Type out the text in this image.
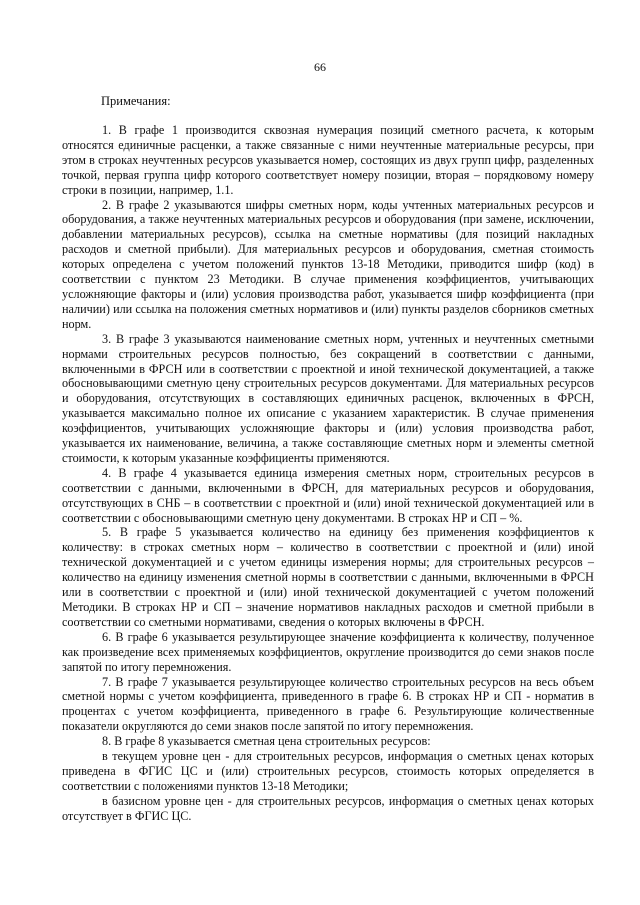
66
Примечания:

1. В графе 1 производится сквозная нумерация позиций сметного расчета, к которым относятся единичные расценки, а также связанные с ними неучтенные материальные ресурсы, при этом в строках неучтенных ресурсов указывается номер, состоящих из двух групп цифр, разделенных точкой, первая группа цифр которого соответствует номеру позиции, вторая – порядковому номеру строки в позиции, например, 1.1.

2. В графе 2 указываются шифры сметных норм, коды учтенных материальных ресурсов и оборудования, а также неучтенных материальных ресурсов и оборудования (при замене, исключении, добавлении материальных ресурсов), ссылка на сметные нормативы (для позиций накладных расходов и сметной прибыли). Для материальных ресурсов и оборудования, сметная стоимость которых определена с учетом положений пунктов 13-18 Методики, приводится шифр (код) в соответствии с пунктом 23 Методики. В случае применения коэффициентов, учитывающих усложняющие факторы и (или) условия производства работ, указывается шифр коэффициента (при наличии) или ссылка на положения сметных нормативов и (или) пункты разделов сборников сметных норм.

3. В графе 3 указываются наименование сметных норм, учтенных и неучтенных сметными нормами строительных ресурсов полностью, без сокращений в соответствии с данными, включенными в ФРСН или в соответствии с проектной и иной технической документацией, а также обосновывающими сметную цену строительных ресурсов документами. Для материальных ресурсов и оборудования, отсутствующих в составляющих единичных расценок, включенных в ФРСН, указывается максимально полное их описание с указанием характеристик. В случае применения коэффициентов, учитывающих усложняющие факторы и (или) условия производства работ, указывается их наименование, величина, а также составляющие сметных норм и элементы сметной стоимости, к которым указанные коэффициенты применяются.

4. В графе 4 указывается единица измерения сметных норм, строительных ресурсов в соответствии с данными, включенными в ФРСН, для материальных ресурсов и оборудования, отсутствующих в СНБ – в соответствии с проектной и (или) иной технической документацией или в соответствии с обосновывающими сметную цену документами. В строках НР и СП – %.

5. В графе 5 указывается количество на единицу без применения коэффициентов к количеству: в строках сметных норм – количество в соответствии с проектной и (или) иной технической документацией и с учетом единицы измерения нормы; для строительных ресурсов – количество на единицу изменения сметной нормы в соответствии с данными, включенными в ФРСН или в соответствии с проектной и (или) иной технической документацией с учетом положений Методики. В строках НР и СП – значение нормативов накладных расходов и сметной прибыли в соответствии со сметными нормативами, сведения о которых включены в ФРСН.

6. В графе 6 указывается результирующее значение коэффициента к количеству, полученное как произведение всех применяемых коэффициентов, округление производится до семи знаков после запятой по итогу перемножения.

7. В графе 7 указывается результирующее количество строительных ресурсов на весь объем сметной нормы с учетом коэффициента, приведенного в графе 6. В строках НР и СП - норматив в процентах с учетом коэффициента, приведенного в графе 6. Результирующие количественные показатели округляются до семи знаков после запятой по итогу перемножения.

8. В графе 8 указывается сметная цена строительных ресурсов:

в текущем уровне цен - для строительных ресурсов, информация о сметных ценах которых приведена в ФГИС ЦС и (или) строительных ресурсов, стоимость которых определяется в соответствии с положениями пунктов 13-18 Методики;

в базисном уровне цен - для строительных ресурсов, информация о сметных ценах которых отсутствует в ФГИС ЦС.
